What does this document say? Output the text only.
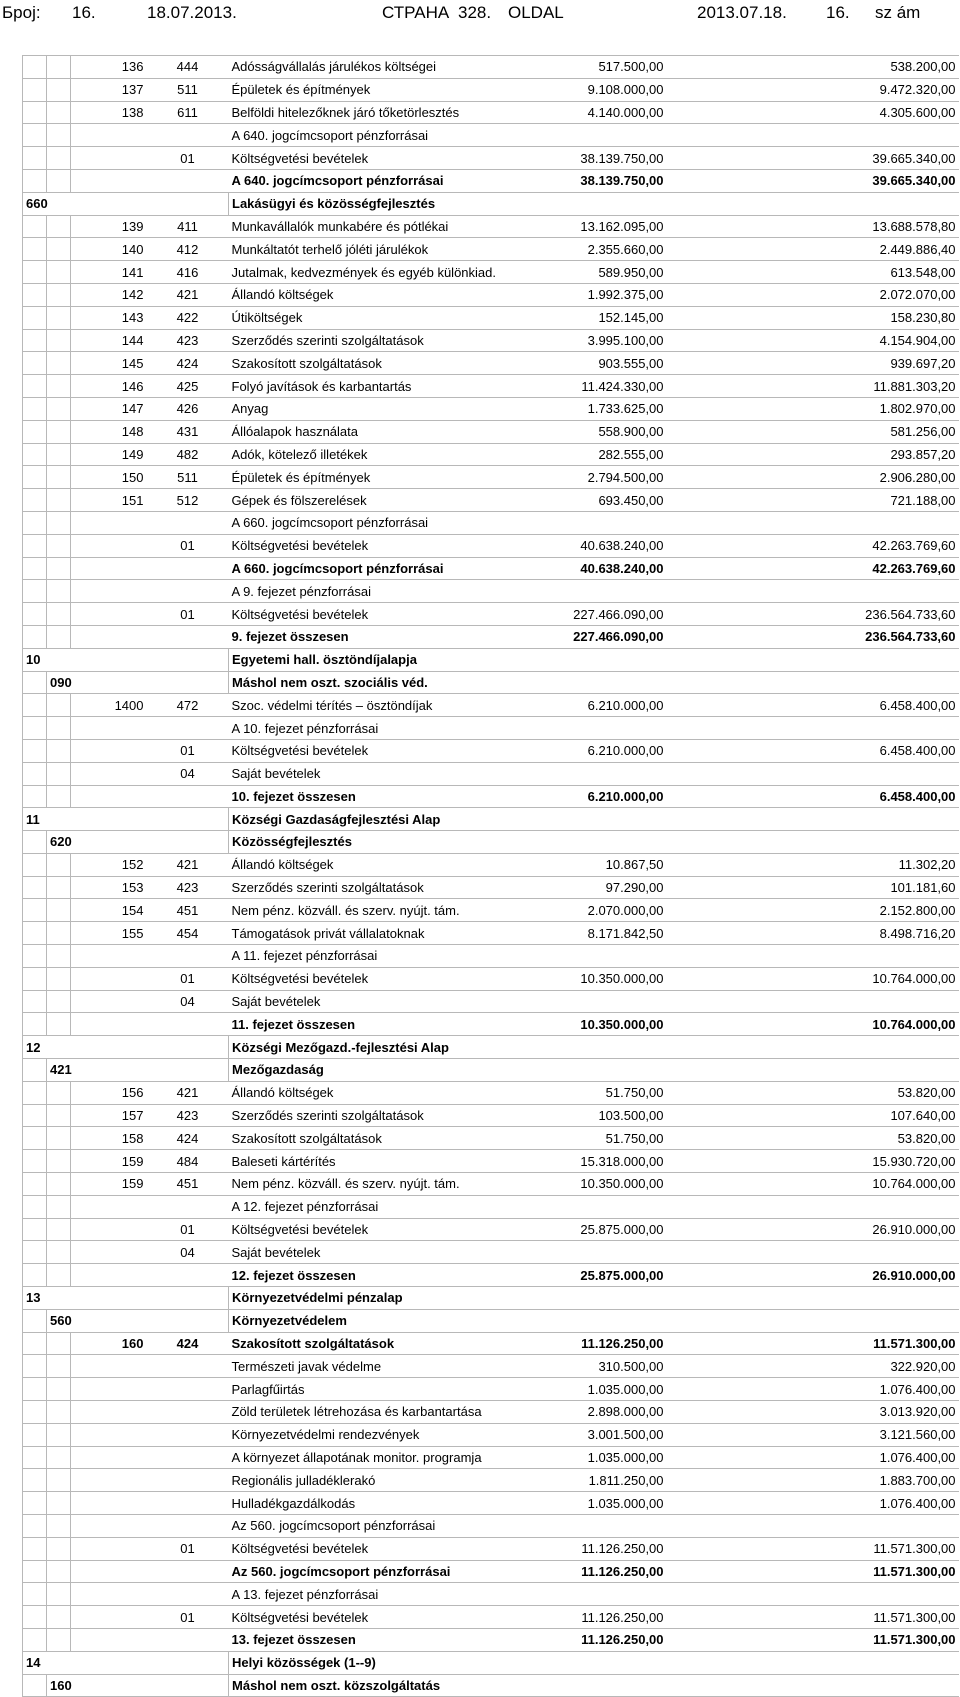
Број: 16.	18.07.2013.	СТРАНА 328. OLDAL	2013.07.18. 16. sz ám
		136	444	Adósságvállalás járulékos költségei	517.500,00		538.200,00
		137	511	Épületek és építmények	9.108.000,00		9.472.320,00
		138	611	Belföldi hitelezőknek járó tőketörlesztés	4.140.000,00		4.305.600,00
				A 640. jogcímcsoport pénzforrásai			
			01	Költségvetési bevételek	38.139.750,00		39.665.340,00
				A 640. jogcímcsoport pénzforrásai	38.139.750,00		39.665.340,00
660				Lakásügyi és közösségfejlesztés			
		139	411	Munkavállalók munkabére és pótlékai	13.162.095,00		13.688.578,80
		140	412	Munkáltatót terhelő jóléti járulékok	2.355.660,00		2.449.886,40
		141	416	Jutalmak, kedvezmények és egyéb különkiad.	589.950,00		613.548,00
		142	421	Állandó költségek	1.992.375,00		2.072.070,00
		143	422	Útiköltségek	152.145,00		158.230,80
		144	423	Szerződés szerinti szolgáltatások	3.995.100,00		4.154.904,00
		145	424	Szakosított szolgáltatások	903.555,00		939.697,20
		146	425	Folyó javítások és karbantartás	11.424.330,00		11.881.303,20
		147	426	Anyag	1.733.625,00		1.802.970,00
		148	431	Állóalapok használata	558.900,00		581.256,00
		149	482	Adók, kötelező illetékek	282.555,00		293.857,20
		150	511	Épületek és építmények	2.794.500,00		2.906.280,00
		151	512	Gépek és fölszerelések	693.450,00		721.188,00
				A 660. jogcímcsoport pénzforrásai			
			01	Költségvetési bevételek	40.638.240,00		42.263.769,60
				A 660. jogcímcsoport pénzforrásai	40.638.240,00		42.263.769,60
				A 9. fejezet pénzforrásai			
			01	Költségvetési bevételek	227.466.090,00		236.564.733,60
				9. fejezet összesen	227.466.090,00		236.564.733,60
10				Egyetemi hall. ösztöndíjalapja			
	090			Máshol nem oszt. szociális véd.			
		1400	472	Szoc. védelmi térítés – ösztöndíjak	6.210.000,00		6.458.400,00
				A 10. fejezet pénzforrásai			
			01	Költségvetési bevételek	6.210.000,00		6.458.400,00
			04	Saját bevételek			
				10. fejezet összesen	6.210.000,00		6.458.400,00
11				Községi Gazdaságfejlesztési Alap			
	620			Közösségfejlesztés			
		152	421	Állandó költségek	10.867,50		11.302,20
		153	423	Szerződés szerinti szolgáltatások	97.290,00		101.181,60
		154	451	Nem pénz. közváll. és szerv. nyújt. tám.	2.070.000,00		2.152.800,00
		155	454	Támogatások privát vállalatoknak	8.171.842,50		8.498.716,20
				A 11. fejezet pénzforrásai			
			01	Költségvetési bevételek	10.350.000,00		10.764.000,00
			04	Saját bevételek			
				11. fejezet összesen	10.350.000,00		10.764.000,00
12				Községi Mezőgazd.-fejlesztési Alap			
	421			Mezőgazdaság			
		156	421	Állandó költségek	51.750,00		53.820,00
		157	423	Szerződés szerinti szolgáltatások	103.500,00		107.640,00
		158	424	Szakosított szolgáltatások	51.750,00		53.820,00
		159	484	Baleseti kártérítés	15.318.000,00		15.930.720,00
		159	451	Nem pénz. közváll. és szerv. nyújt. tám.	10.350.000,00		10.764.000,00
				A 12. fejezet pénzforrásai			
			01	Költségvetési bevételek	25.875.000,00		26.910.000,00
			04	Saját bevételek			
				12. fejezet összesen	25.875.000,00		26.910.000,00
13				Környezetvédelmi pénzalap			
	560			Környezetvédelem			
		160	424	Szakosított szolgáltatások	11.126.250,00		11.571.300,00
				Természeti javak védelme	310.500,00		322.920,00
				Parlagfűirtás	1.035.000,00		1.076.400,00
				Zöld területek létrehozása és karbantartása	2.898.000,00		3.013.920,00
				Környezetvédelmi rendezvények	3.001.500,00		3.121.560,00
				A környezet állapotának monitor. programja	1.035.000,00		1.076.400,00
				Regionális julladéklerakó	1.811.250,00		1.883.700,00
				Hulladékgazdálkodás	1.035.000,00		1.076.400,00
				Az 560. jogcímcsoport pénzforrásai			
			01	Költségvetési bevételek	11.126.250,00		11.571.300,00
				Az 560. jogcímcsoport pénzforrásai	11.126.250,00		11.571.300,00
				A 13. fejezet pénzforrásai			
			01	Költségvetési bevételek	11.126.250,00		11.571.300,00
				13. fejezet összesen	11.126.250,00		11.571.300,00
14				Helyi közösségek (1--9)			
	160			Máshol nem oszt. közszolgáltatás			
